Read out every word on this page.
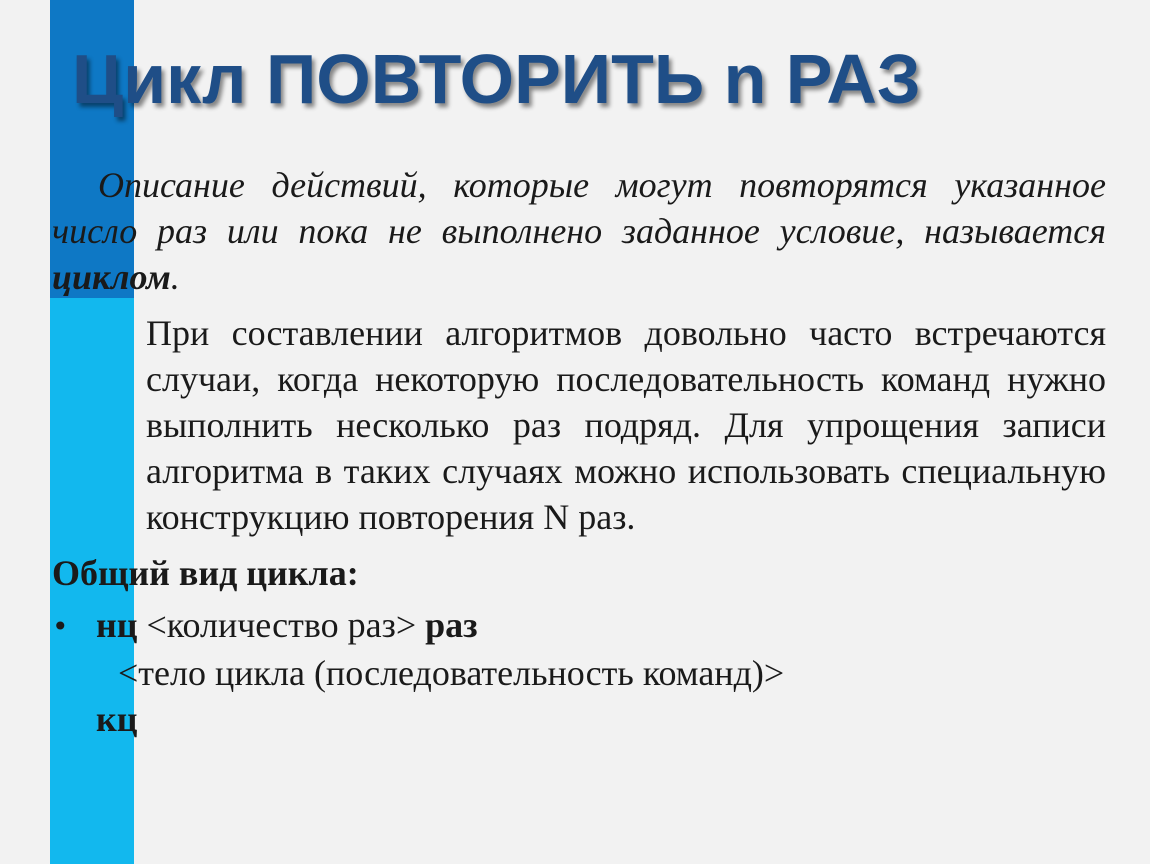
Цикл ПОВТОРИТЬ n РАЗ

Описание действий, которые могут повторятся указанное число раз или пока не выполнено заданное условие, называется циклом.

При составлении алгоритмов довольно часто встречаются случаи, когда некоторую последовательность команд нужно выполнить несколько раз подряд. Для упрощения записи алгоритма в таких случаях можно использовать специальную конструкцию повторения N раз.

Общий вид цикла:
• нц <количество раз> раз
<тело цикла (последовательность команд)>
кц
